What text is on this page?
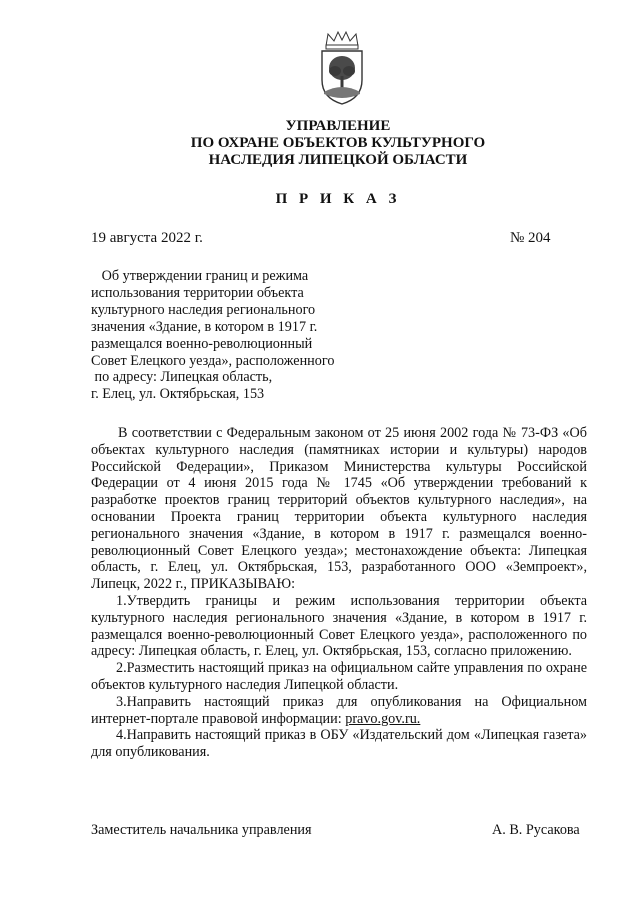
УПРАВЛЕНИЕ
ПО ОХРАНЕ ОБЪЕКТОВ КУЛЬТУРНОГО
НАСЛЕДИЯ ЛИПЕЦКОЙ ОБЛАСТИ
П Р И К А З
19 августа 2022 г.	№ 204
Об утверждении границ и режима
использования территории объекта
культурного наследия регионального
значения «Здание, в котором в 1917 г.
размещался военно-революционный
Совет Елецкого уезда», расположенного
по адресу: Липецкая область,
г. Елец, ул. Октябрьская, 153

В соответствии с Федеральным законом от 25 июня 2002 года № 73-ФЗ «Об объектах культурного наследия (памятниках истории и культуры) народов Российской Федерации», Приказом Министерства культуры Российской Федерации от 4 июня 2015 года № 1745 «Об утверждении требований к разработке проектов границ территорий объектов культурного наследия», на основании Проекта границ территории объекта культурного наследия регионального значения «Здание, в котором в 1917 г. размещался военно-революционный Совет Елецкого уезда»; местонахождение объекта: Липецкая область, г. Елец, ул. Октябрьская, 153, разработанного ООО «Земпроект», Липецк, 2022 г., ПРИКАЗЫВАЮ:

1.Утвердить границы и режим использования территории объекта культурного наследия регионального значения «Здание, в котором в 1917 г. размещался военно-революционный Совет Елецкого уезда», расположенного по адресу: Липецкая область, г. Елец, ул. Октябрьская, 153, согласно приложению.

2.Разместить настоящий приказ на официальном сайте управления по охране объектов культурного наследия Липецкой области.

3.Направить настоящий приказ для опубликования на Официальном интернет-портале правовой информации: pravo.gov.ru.

4.Направить настоящий приказ в ОБУ «Издательский дом «Липецкая газета» для опубликования.

Заместитель начальника управления	А. В. Русакова
